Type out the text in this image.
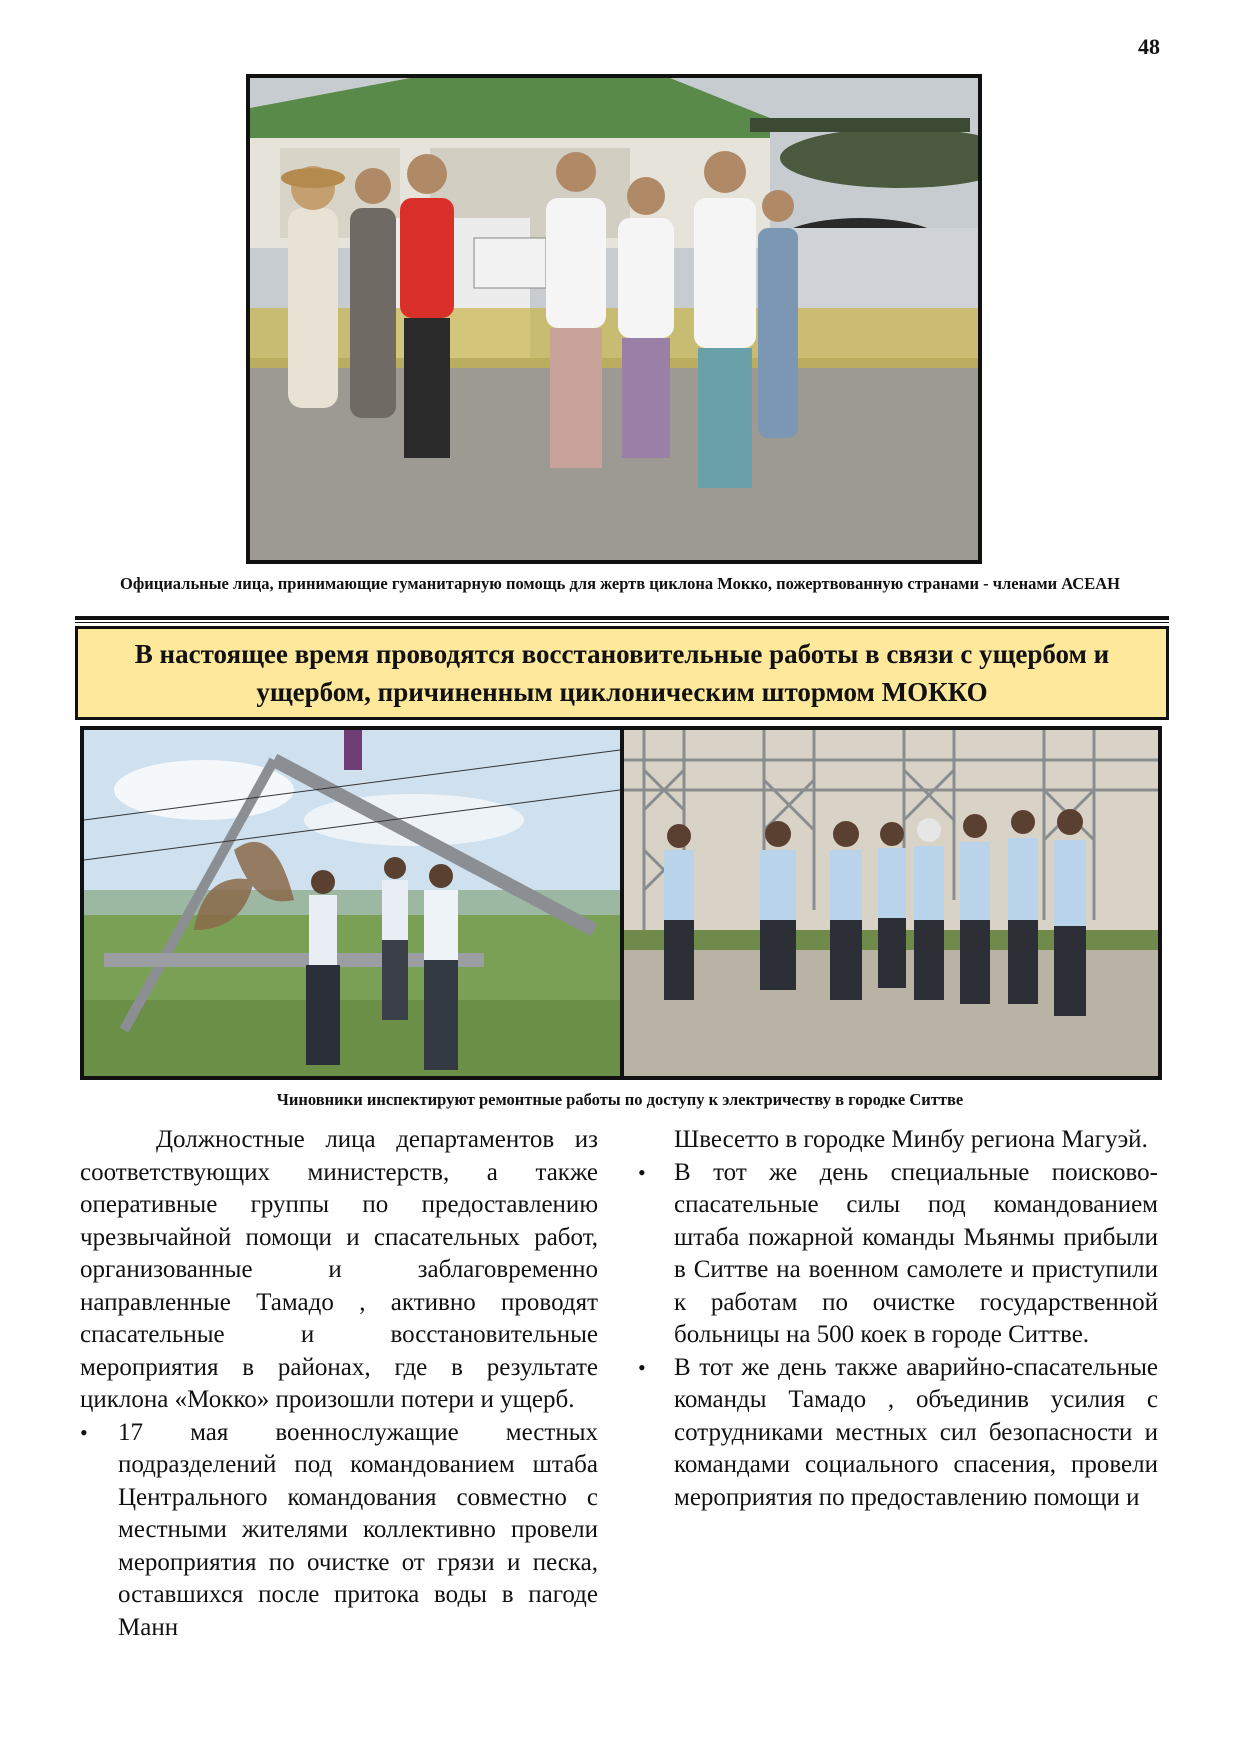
48
Официальные лица, принимающие гуманитарную помощь для жертв циклона Мокко, пожертвованную странами - членами АСЕАН
В настоящее время проводятся восстановительные работы в связи с ущербом и ущербом, причиненным циклоническим штормом МОККО
Чиновники инспектируют ремонтные работы по доступу к электричеству в городке Ситтве

Должностные лица департаментов из соответствующих министерств, а также оперативные группы по предоставлению чрезвычайной помощи и спасательных работ, организованные и заблаговременно направленные Тамадо , активно проводят спасательные и восстановительные мероприятия в районах, где в результате циклона «Мокко» произошли потери и ущерб.

• 17 мая военнослужащие местных подразделений под командованием штаба Центрального командования совместно с местными жителями коллективно провели мероприятия по очистке от грязи и песка, оставшихся после притока воды в пагоде Манн

Швесетто в городке Минбу региона Магуэй.

• В тот же день специальные поисково-спасательные силы под командованием штаба пожарной команды Мьянмы прибыли в Ситтве на военном самолете и приступили к работам по очистке государственной больницы на 500 коек в городе Ситтве.

• В тот же день также аварийно-спасательные команды Тамадо , объединив усилия с сотрудниками местных сил безопасности и командами социального спасения, провели мероприятия по предоставлению помощи и
